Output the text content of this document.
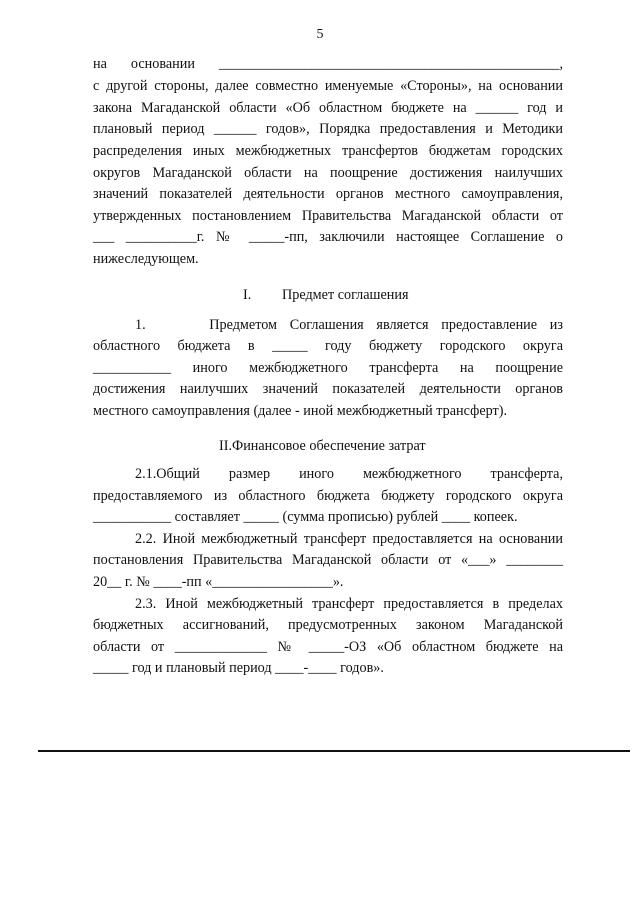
5
на основании ________________________________________________,
с другой стороны, далее совместно именуемые «Стороны», на основании
закона Магаданской области «Об областном бюджете на ______ год и
плановый период ______ годов», Порядка предоставления и Методики
распределения иных межбюджетных трансфертов бюджетам городских
округов Магаданской области на поощрение достижения наилучших
значений показателей деятельности органов местного самоуправления,
утвержденных постановлением Правительства Магаданской области от
___ __________г. № _____-пп, заключили настоящее Соглашение о
нижеследующем.
I. Предмет соглашения
1.     Предметом Соглашения является предоставление из
областного бюджета в _____ году бюджету городского округа
___________ иного межбюджетного трансферта на поощрение
достижения наилучших значений показателей деятельности органов
местного самоуправления (далее - иной межбюджетный трансферт).
II.Финансовое обеспечение затрат
2.1.Общий размер иного межбюджетного трансферта,
предоставляемого из областного бюджета бюджету городского округа
___________ составляет _____ (сумма прописью) рублей ____ копеек.
2.2. Иной межбюджетный трансферт предоставляется на основании
постановления Правительства Магаданской области от «___» ________
20__ г. № ____-пп «_________________».
2.3. Иной межбюджетный трансферт предоставляется в пределах
бюджетных ассигнований, предусмотренных законом Магаданской
области от _____________ № _____-ОЗ «Об областном бюджете на
_____ год и плановый период ____-____ годов».
